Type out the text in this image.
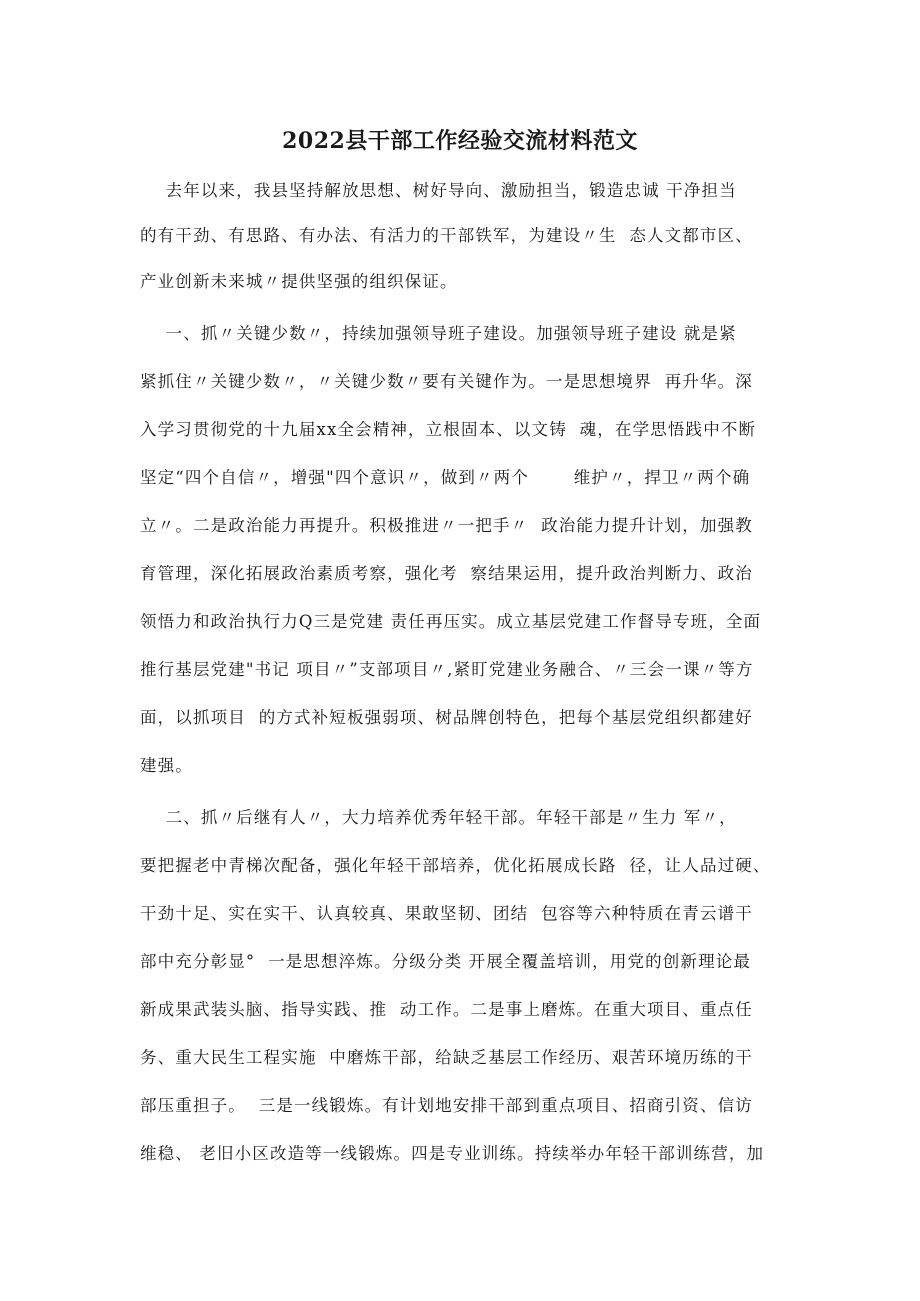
2022县干部工作经验交流材料范文

去年以来，我县坚持解放思想、树好导向、激励担当，锻造忠诚 干净担当

的有干劲、有思路、有办法、有活力的干部铁军，为建设〃生  态人文都市区、

产业创新未来城〃提供坚强的组织保证。

一、抓〃关键少数〃，持续加强领导班子建设。加强领导班子建设 就是紧

紧抓住〃关键少数〃，〃关键少数〃要有关键作为。一是思想境界  再升华。深

入学习贯彻党的十九届xx全会精神，立根固本、以文铸  魂，在学思悟践中不断

坚定“四个自信〃，增强"四个意识〃，做到〃两个       维护〃，捍卫〃两个确

立〃。二是政治能力再提升。积极推进〃一把手〃  政治能力提升计划，加强教

育管理，深化拓展政治素质考察，强化考  察结果运用，提升政治判断力、政治

领悟力和政治执行力Q三是党建 责任再压实。成立基层党建工作督导专班，全面

推行基层党建"书记 项目〃”支部项目〃,紧盯党建业务融合、〃三会一课〃等方

面，以抓项目  的方式补短板强弱项、树品牌创特色，把每个基层党组织都建好

建强。

二、抓〃后继有人〃，大力培养优秀年轻干部。年轻干部是〃生力 军〃，

要把握老中青梯次配备，强化年轻干部培养，优化拓展成长路  径，让人品过硬、

干劲十足、实在实干、认真较真、果敢坚韧、团结  包容等六种特质在青云谱干

部中充分彰显°  一是思想淬炼。分级分类 开展全覆盖培训，用党的创新理论最

新成果武装头脑、指导实践、推  动工作。二是事上磨炼。在重大项目、重点任

务、重大民生工程实施  中磨炼干部，给缺乏基层工作经历、艰苦环境历练的干

部压重担子。  三是一线锻炼。有计划地安排干部到重点项目、招商引资、信访

维稳、 老旧小区改造等一线锻炼。四是专业训练。持续举办年轻干部训练营，加
